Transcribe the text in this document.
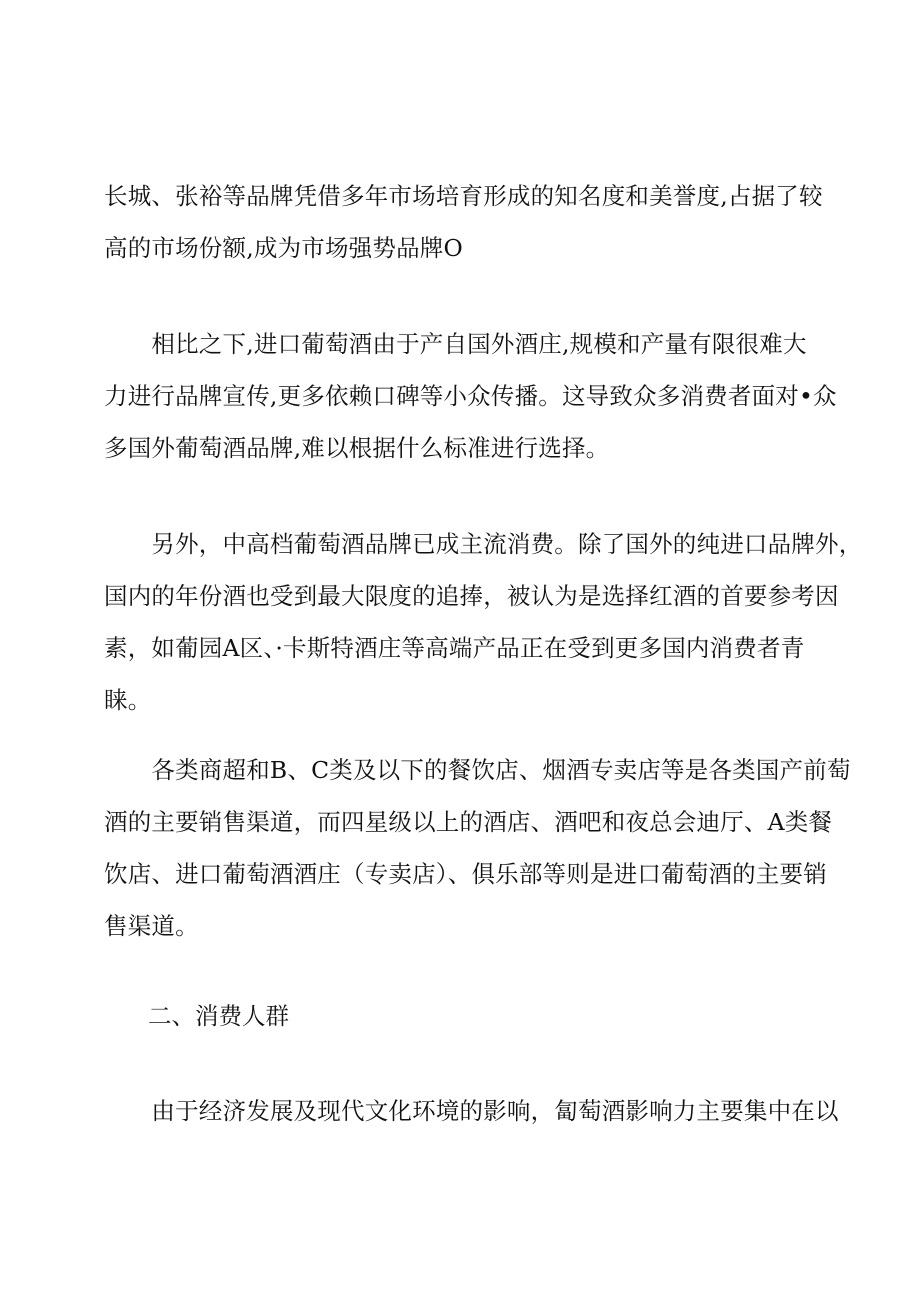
长城、张裕等品牌凭借多年市场培育形成的知名度和美誉度,占据了较
高的市场份额,成为市场强势品牌O

　　相比之下,进口葡萄酒由于产自国外酒庄,规模和产量有限很难大
力进行品牌宣传,更多依赖口碑等小众传播。这导致众多消费者面对•众
多国外葡萄酒品牌,难以根据什么标准进行选择。

　　另外，中高档葡萄酒品牌已成主流消费。除了国外的纯进口品牌外，
国内的年份酒也受到最大限度的追捧，被认为是选择红酒的首要参考因
素，如葡园A区、·卡斯特酒庄等高端产品正在受到更多国内消费者青
睐。

　　各类商超和B、C类及以下的餐饮店、烟酒专卖店等是各类国产前萄
酒的主要销售渠道，而四星级以上的酒店、酒吧和夜总会迪厅、A类餐
饮店、进口葡萄酒酒庄（专卖店）、俱乐部等则是进口葡萄酒的主要销
售渠道。

二、消费人群

　　由于经济发展及现代文化环境的影响，匐萄酒影响力主要集中在以
